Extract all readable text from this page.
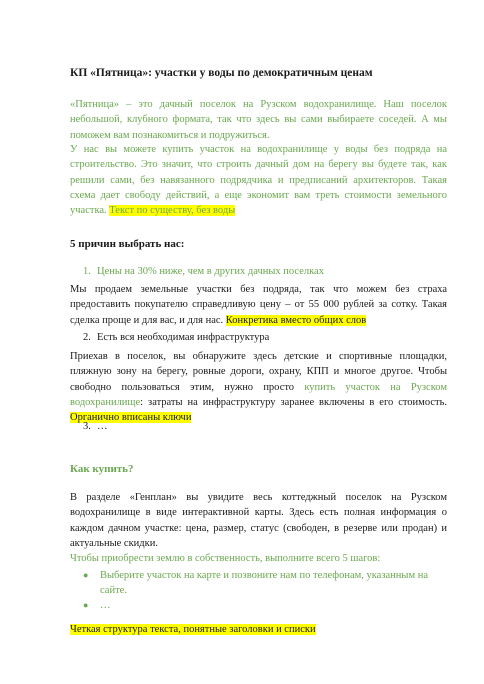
КП «Пятница»: участки у воды по демократичным ценам

«Пятница» – это дачный поселок на Рузском водохранилище. Наш поселок небольшой, клубного формата, так что здесь вы сами выбираете соседей. А мы поможем вам познакомиться и подружиться.

У нас вы можете купить участок на водохранилище у воды без подряда на строительство. Это значит, что строить дачный дом на берегу вы будете так, как решили сами, без навязанного подрядчика и предписаний архитекторов. Такая схема дает свободу действий, а еще экономит вам треть стоимости земельного участка. Текст по существу, без воды

5 причин выбрать нас:
1. Цены на 30% ниже, чем в других дачных поселках

Мы продаем земельные участки без подряда, так что можем без страха предоставить покупателю справедливую цену – от 55 000 рублей за сотку. Такая сделка проще и для вас, и для нас. Конкретика вместо общих слов

2. Есть вся необходимая инфраструктура

Приехав в поселок, вы обнаружите здесь детские и спортивные площадки, пляжную зону на берегу, ровные дороги, охрану, КПП и многое другое. Чтобы свободно пользоваться этим, нужно просто купить участок на Рузском водохранилище: затраты на инфраструктуру заранее включены в его стоимость. Органично вписаны ключи

3. …
Как купить?

В разделе «Генплан» вы увидите весь коттеджный поселок на Рузском водохранилище в виде интерактивной карты. Здесь есть полная информация о каждом дачном участке: цена, размер, статус (свободен, в резерве или продан) и актуальные скидки.

Чтобы приобрести землю в собственность, выполните всего 5 шагов:

● Выберите участок на карте и позвоните нам по телефонам, указанным на сайте.
● …
Четкая структура текста, понятные заголовки и списки
